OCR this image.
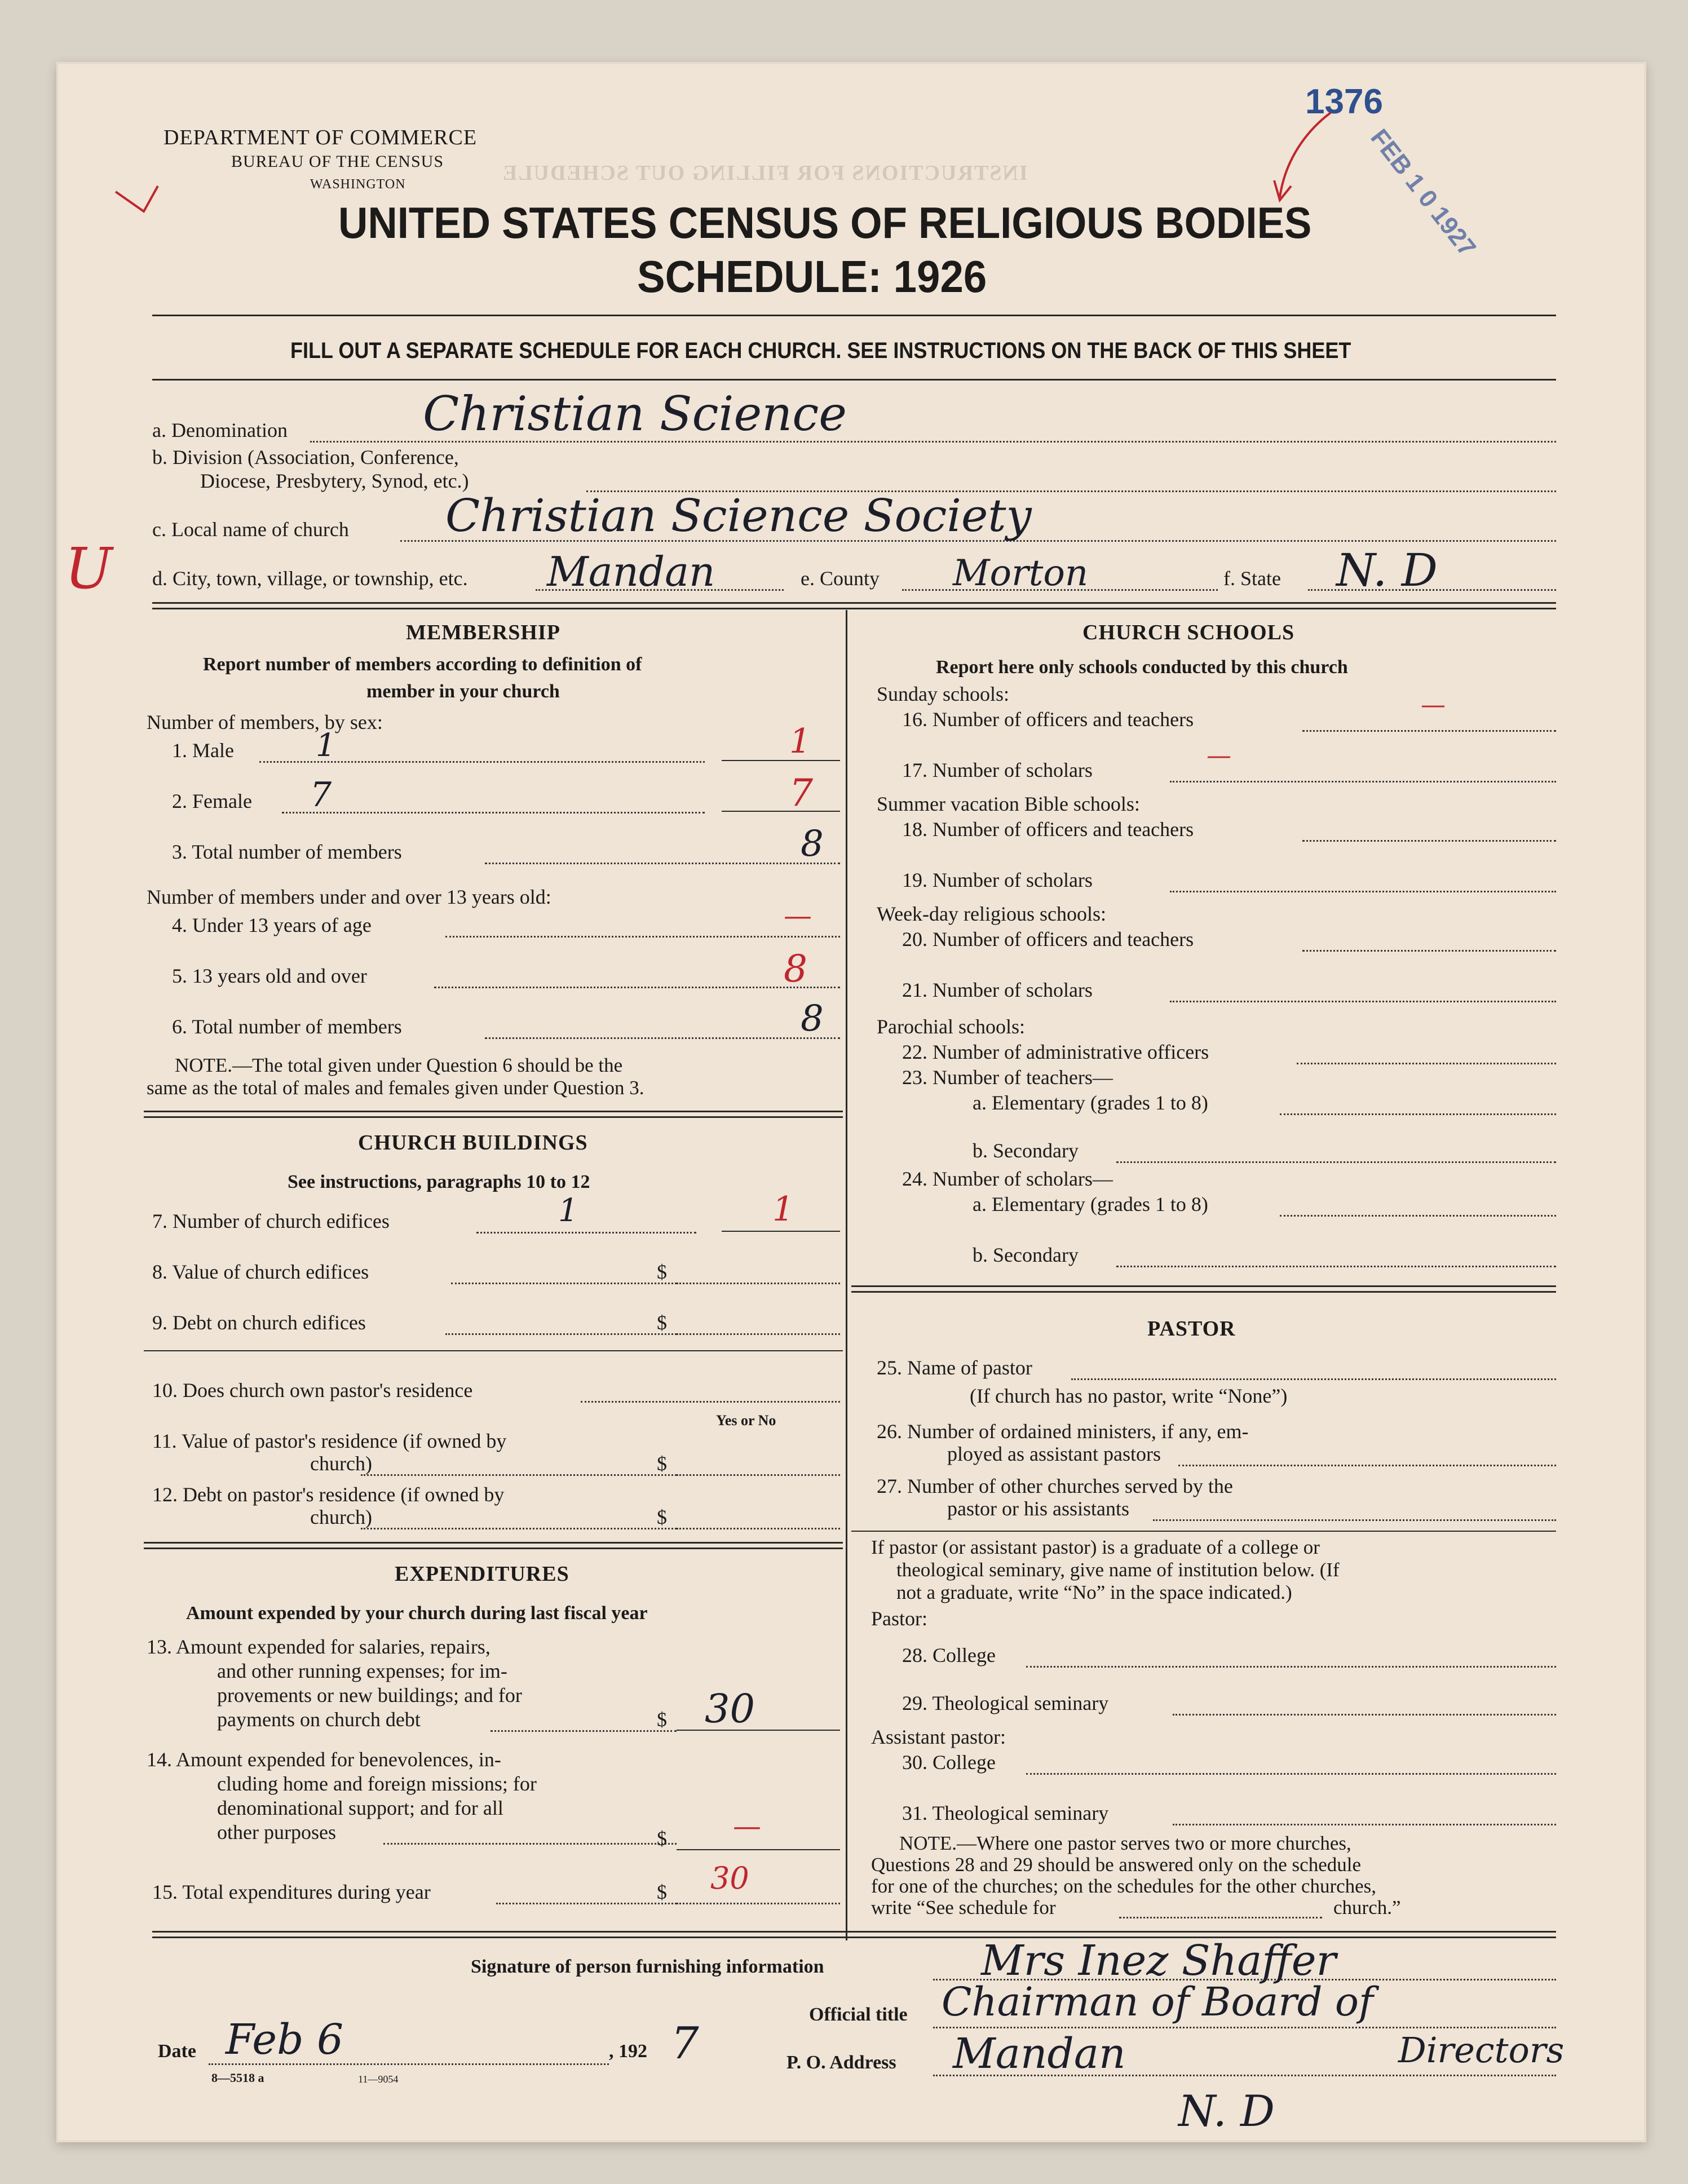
INSTRUCTIONS FOR FILLING OUT SCHEDULE
DEPARTMENT OF COMMERCE
BUREAU OF THE CENSUS
WASHINGTON
UNITED STATES CENSUS OF RELIGIOUS BODIES
SCHEDULE: 1926
FILL OUT A SEPARATE SCHEDULE FOR EACH CHURCH. SEE INSTRUCTIONS ON THE BACK OF THIS SHEET
1376
FEB 1 0 1927
a. Denomination	Christian Science
b. Division (Association, Conference,
Diocese, Presbytery, Synod, etc.)
c. Local name of church Christian Science Society
U d. City, town, village, or township, etc. Mandan	e. County Morton	f. State N. D
MEMBERSHIP
Report number of members according to definition of
member in your church
Number of members, by sex:
1. Male	1	1
2. Female 7	7
3. Total number of members	8
Number of members under and over 13 years old:
4. Under 13 years of age	—
5. 13 years old and over	8
6. Total number of members	8
NOTE.—The total given under Question 6 should be the
same as the total of males and females given under Question 3.
CHURCH BUILDINGS
See instructions, paragraphs 10 to 12
7. Number of church edifices	1	1
8. Value of church edifices	$
9. Debt on church edifices	$
10. Does church own pastor's residence
Yes or No
11. Value of pastor's residence (if owned by
church)	$
12. Debt on pastor's residence (if owned by
church)	$
EXPENDITURES
Amount expended by your church during last fiscal year
13. Amount expended for salaries, repairs,
and other running expenses; for im-
provements or new buildings; and for
payments on church debt	$ 30
14. Amount expended for benevolences, in-
cluding home and foreign missions; for
denominational support; and for all
other purposes	$ —
15. Total expenditures during year	$ 30
CHURCH SCHOOLS
Report here only schools conducted by this church
Sunday schools:
16. Number of officers and teachers	—
17. Number of scholars	—
Summer vacation Bible schools:
18. Number of officers and teachers
19. Number of scholars
Week-day religious schools:
20. Number of officers and teachers
21. Number of scholars
Parochial schools:
22. Number of administrative officers
23. Number of teachers—
a. Elementary (grades 1 to 8)
b. Secondary
24. Number of scholars—
a. Elementary (grades 1 to 8)
b. Secondary
PASTOR
25. Name of pastor
(If church has no pastor, write “None”)
26. Number of ordained ministers, if any, em-
ployed as assistant pastors
27. Number of other churches served by the
pastor or his assistants
If pastor (or assistant pastor) is a graduate of a college or
theological seminary, give name of institution below. (If
not a graduate, write “No” in the space indicated.)
Pastor:
28. College
29. Theological seminary
Assistant pastor:
30. College
31. Theological seminary
NOTE.—Where one pastor serves two or more churches,
Questions 28 and 29 should be answered only on the schedule
for one of the churches; on the schedules for the other churches,
write “See schedule for	church.”
Signature of person furnishing information	Mrs Inez Shaffer
Official title Chairman of Board of
Directors
Date Feb 6	, 192 7	P. O. Address Mandan
N. D
8—5518 a	11—9054
